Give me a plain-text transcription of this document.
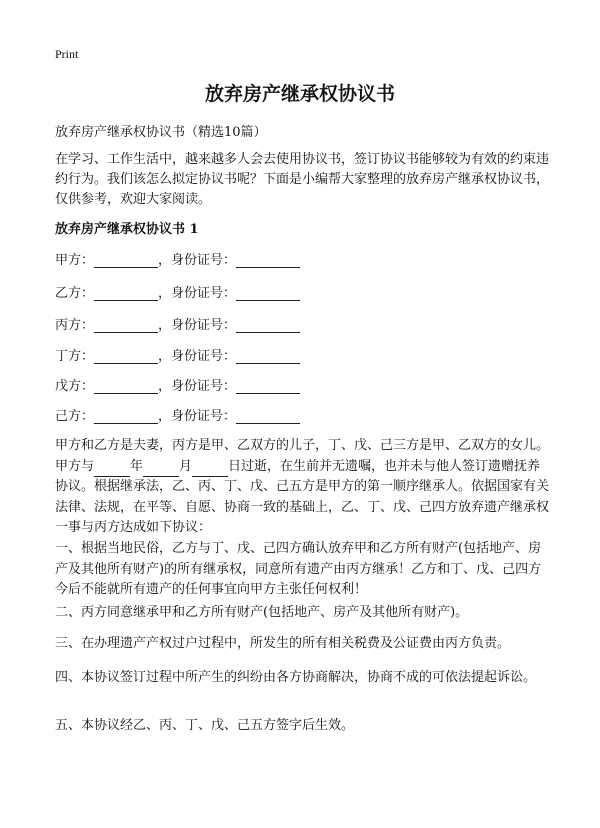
Print
放弃房产继承权协议书
放弃房产继承权协议书（精选10篇）
在学习、工作生活中，越来越多人会去使用协议书，签订协议书能够较为有效的约束违约行为。我们该怎么拟定协议书呢？下面是小编帮大家整理的放弃房产继承权协议书，仅供参考，欢迎大家阅读。
放弃房产继承权协议书 1
甲方：	，身份证号：
乙方：	，身份证号：
丙方：	，身份证号：
丁方：	，身份证号：
戊方：	，身份证号：
己方：	，身份证号：
甲方和乙方是夫妻，丙方是甲、乙双方的儿子，丁、戊、己三方是甲、乙双方的女儿。甲方与	年	月	日过逝，在生前并无遗嘱，也并未与他人签订遗赠抚养协议。根据继承法，乙、丙、丁、戊、己五方是甲方的第一顺序继承人。依据国家有关法律、法规，在平等、自愿、协商一致的基础上，乙、丁、戊、己四方放弃遗产继承权一事与丙方达成如下协议：
一、根据当地民俗，乙方与丁、戊、己四方确认放弃甲和乙方所有财产(包括地产、房产及其他所有财产)的所有继承权，同意所有遗产由丙方继承！乙方和丁、戊、己四方今后不能就所有遗产的任何事宜向甲方主张任何权利！
二、丙方同意继承甲和乙方所有财产(包括地产、房产及其他所有财产)。
三、在办理遗产产权过户过程中，所发生的所有相关税费及公证费由丙方负责。
四、本协议签订过程中所产生的纠纷由各方协商解决，协商不成的可依法提起诉讼。
五、本协议经乙、丙、丁、戊、己五方签字后生效。
